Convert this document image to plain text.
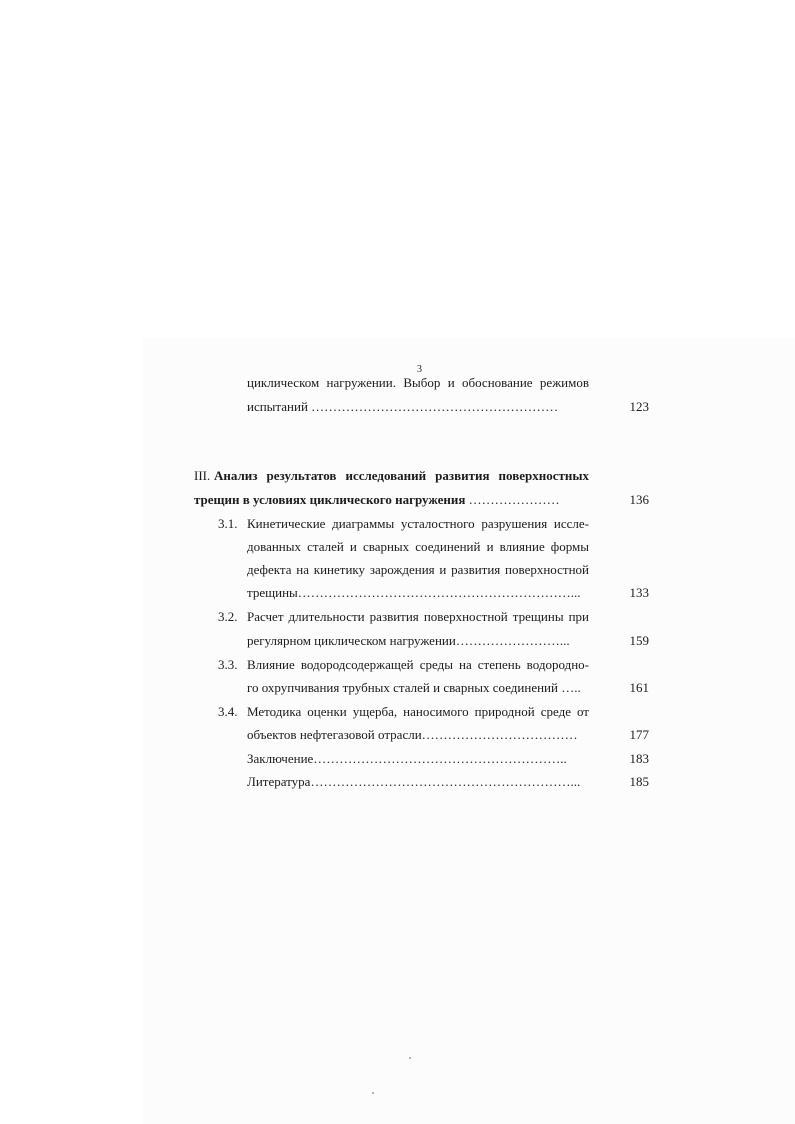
3
циклическом нагружении. Выбор и обоснование режимов
испытаний …………………………………………………	123
III. Анализ результатов исследований развития поверхностных
трещин в условиях циклического нагружения …………………	136
3.1. Кинетические диаграммы усталостного разрушения иссле-
дованных сталей и сварных соединений и влияние формы
дефекта на кинетику зарождения и развития поверхностной
трещины………………………………………………………...	133
3.2. Расчет длительности развития поверхностной трещины при
регулярном циклическом нагружении……………………...	159
3.3. Влияние водородсодержащей среды на степень водородно-
го охрупчивания трубных сталей и сварных соединений …..	161
3.4. Методика оценки ущерба, наносимого природной среде от
объектов нефтегазовой отрасли………………………………	177
Заключение…………………………………………………..	183
Литература……………………………………………………...	185
